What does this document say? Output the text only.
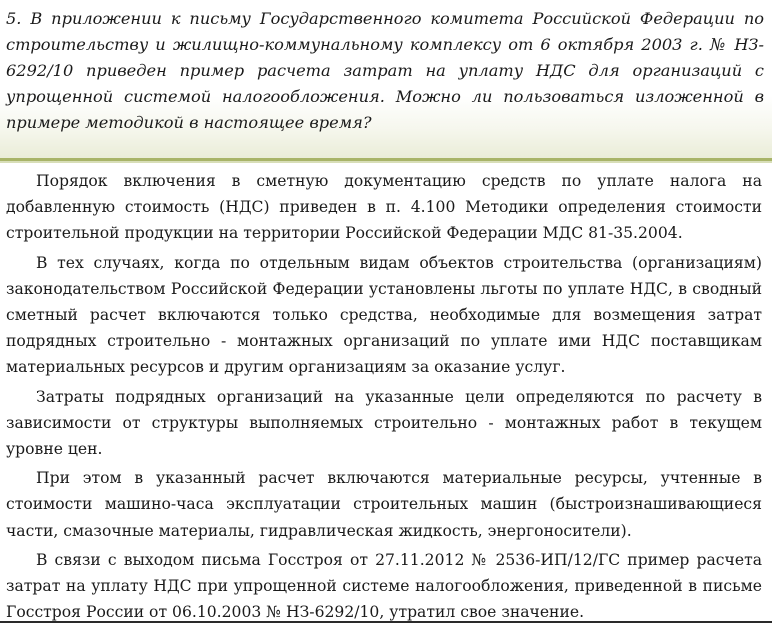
5. В приложении к письму Государственного комитета Российской Федерации по строительству и жилищно-коммунальному комплексу от 6 октября 2003 г. № НЗ- 6292/10 приведен пример расчета затрат на уплату НДС для организаций с упрощенной системой налогообложения. Можно ли пользоваться изложенной в примере методикой в настоящее время?

Порядок включения в сметную документацию средств по уплате налога на добавленную стоимость (НДС) приведен в п. 4.100 Методики определения стоимости строительной продукции на территории Российской Федерации МДС 81-35.2004.

В тех случаях, когда по отдельным видам объектов строительства (организациям) законодательством Российской Федерации установлены льготы по уплате НДС, в сводный сметный расчет включаются только средства, необходимые для возмещения затрат подрядных строительно - монтажных организаций по уплате ими НДС поставщикам материальных ресурсов и другим организациям за оказание услуг.

Затраты подрядных организаций на указанные цели определяются по расчету в зависимости от структуры выполняемых строительно - монтажных работ в текущем уровне цен.

При этом в указанный расчет включаются материальные ресурсы, учтенные в стоимости машино-часа эксплуатации строительных машин (быстроизнашивающиеся части, смазочные материалы, гидравлическая жидкость, энергоносители).

В связи с выходом письма Госстроя от 27.11.2012 № 2536-ИП/12/ГС пример расчета затрат на уплату НДС при упрощенной системе налогообложения, приведенной в письме Госстроя России от 06.10.2003 № НЗ-6292/10, утратил свое значение.
